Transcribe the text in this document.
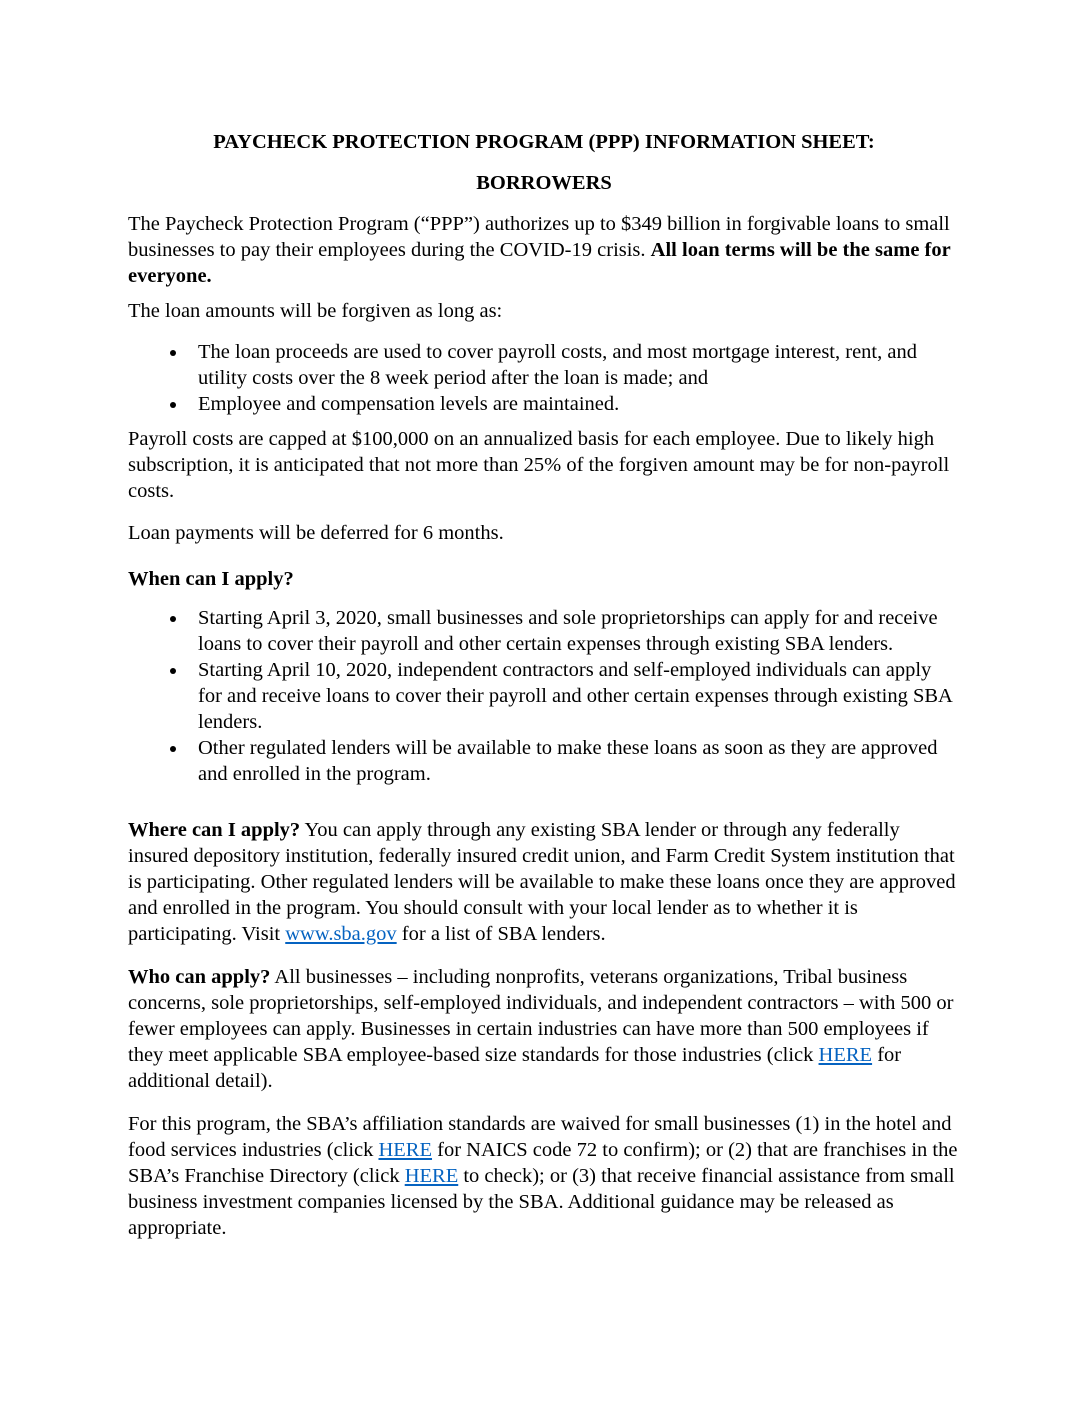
PAYCHECK PROTECTION PROGRAM (PPP) INFORMATION SHEET:
BORROWERS

The Paycheck Protection Program (“PPP”) authorizes up to $349 billion in forgivable loans to small businesses to pay their employees during the COVID-19 crisis. All loan terms will be the same for everyone.

The loan amounts will be forgiven as long as:

The loan proceeds are used to cover payroll costs, and most mortgage interest, rent, and utility costs over the 8 week period after the loan is made; and
Employee and compensation levels are maintained.

Payroll costs are capped at $100,000 on an annualized basis for each employee. Due to likely high subscription, it is anticipated that not more than 25% of the forgiven amount may be for non-payroll costs.

Loan payments will be deferred for 6 months.

When can I apply?

Starting April 3, 2020, small businesses and sole proprietorships can apply for and receive loans to cover their payroll and other certain expenses through existing SBA lenders.
Starting April 10, 2020, independent contractors and self-employed individuals can apply for and receive loans to cover their payroll and other certain expenses through existing SBA lenders.
Other regulated lenders will be available to make these loans as soon as they are approved and enrolled in the program.

Where can I apply? You can apply through any existing SBA lender or through any federally insured depository institution, federally insured credit union, and Farm Credit System institution that is participating. Other regulated lenders will be available to make these loans once they are approved and enrolled in the program. You should consult with your local lender as to whether it is participating. Visit www.sba.gov for a list of SBA lenders.

Who can apply? All businesses – including nonprofits, veterans organizations, Tribal business concerns, sole proprietorships, self-employed individuals, and independent contractors – with 500 or fewer employees can apply. Businesses in certain industries can have more than 500 employees if they meet applicable SBA employee-based size standards for those industries (click HERE for additional detail).

For this program, the SBA’s affiliation standards are waived for small businesses (1) in the hotel and food services industries (click HERE for NAICS code 72 to confirm); or (2) that are franchises in the SBA’s Franchise Directory (click HERE to check); or (3) that receive financial assistance from small business investment companies licensed by the SBA. Additional guidance may be released as appropriate.
